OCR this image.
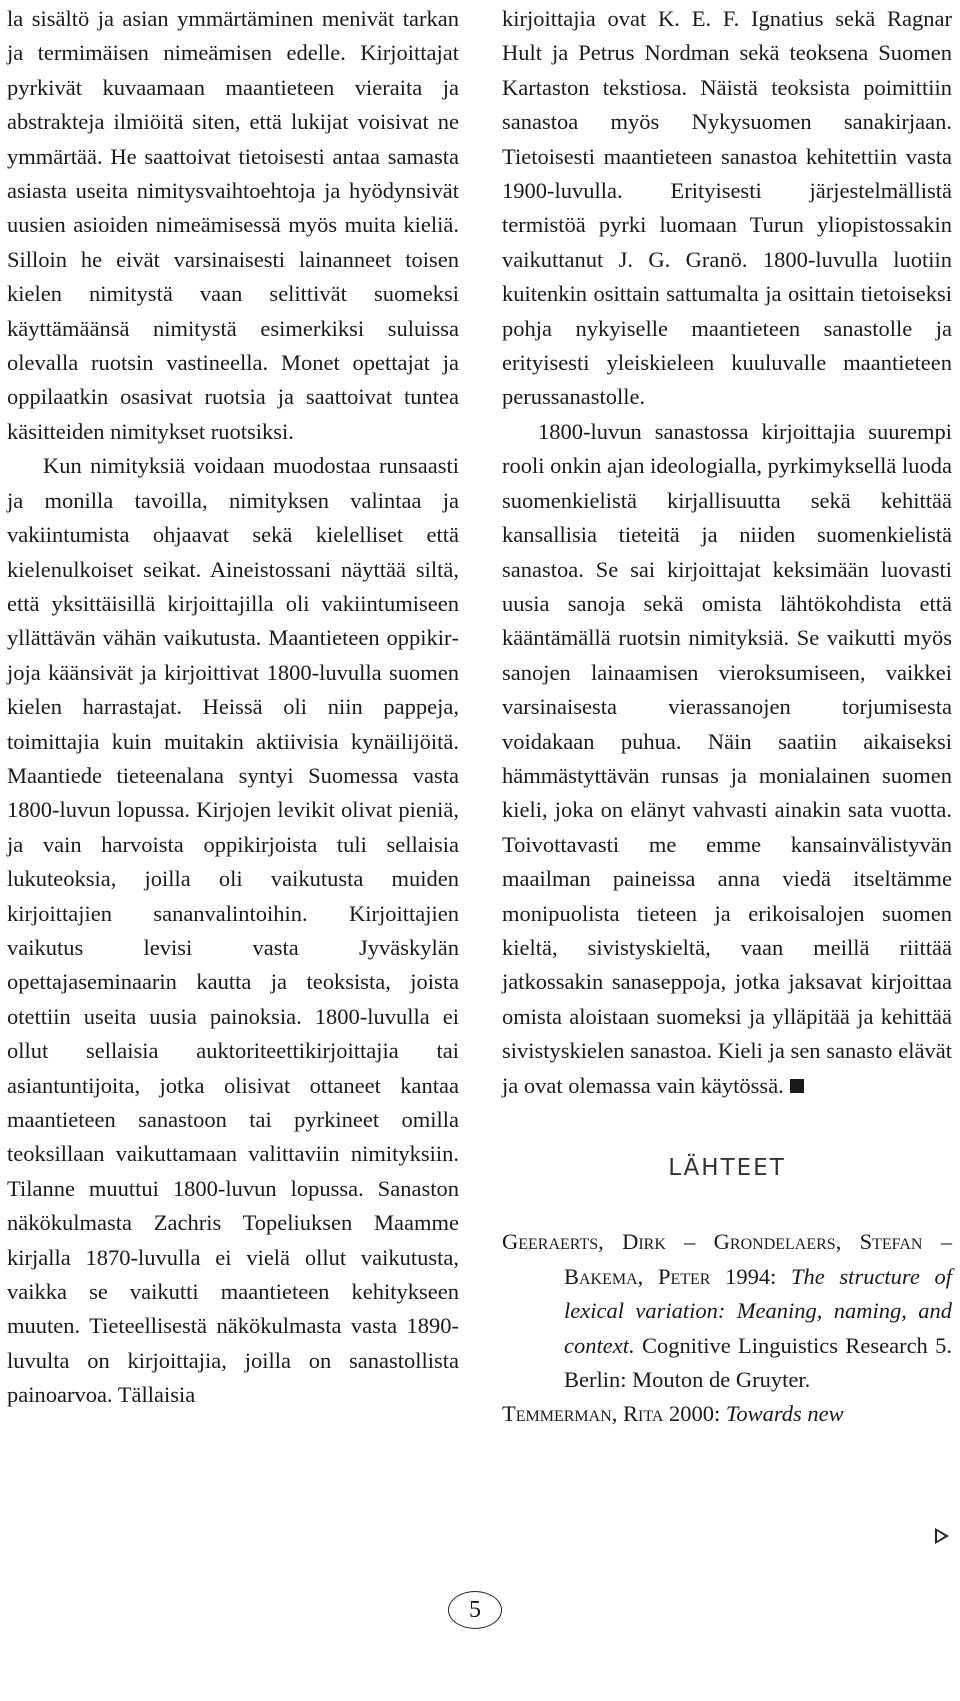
la sisältö ja asian ymmärtäminen menivät tarkan ja termimäisen nimeämisen edelle. Kirjoittajat pyrkivät kuvaamaan maantieteen vieraita ja abstrakteja ilmiöitä siten, että lukijat voisivat ne ymmärtää. He saattoivat tietoisesti antaa samasta asiasta useita nimitysvaihtoehtoja ja hyödynsivät uusien asioiden nimeämisessä myös muita kieliä. Silloin he eivät varsinaisesti lainanneet toisen kielen nimitystä vaan selittivät suomeksi käyttämäänsä nimitystä esimerkiksi suluissa olevalla ruotsin vastineella. Monet opettajat ja oppilaatkin osasivat ruotsia ja saattoivat tuntea käsitteiden nimitykset ruotsiksi.

Kun nimityksiä voidaan muodostaa runsaasti ja monilla tavoilla, nimityksen valintaa ja vakiintumista ohjaavat sekä kielelliset että kielenulkoiset seikat. Aineistossani näyttää siltä, että yksittäisillä kirjoittajilla oli vakiintumiseen yllättävän vähän vaikutusta. Maantieteen oppikirjoja käänsivät ja kirjoittivat 1800-luvulla suomen kielen harrastajat. Heissä oli niin pappeja, toimittajia kuin muitakin aktiivisia kynäilijöitä. Maantiede tieteenalana syntyi Suomessa vasta 1800-luvun lopussa. Kirjojen levikit olivat pieniä, ja vain harvoista oppikirjoista tuli sellaisia lukuteoksia, joilla oli vaikutusta muiden kirjoittajien sananvalintoihin. Kirjoittajien vaikutus levisi vasta Jyväskylän opettajaseminaarin kautta ja teoksista, joista otettiin useita uusia painoksia. 1800-luvulla ei ollut sellaisia auktoriteettikirjoittajia tai asiantuntijoita, jotka olisivat ottaneet kantaa maantieteen sanastoon tai pyrkineet omilla teoksillaan vaikuttamaan valittaviin nimityksiin. Tilanne muuttui 1800-luvun lopussa. Sanaston näkökulmasta Zachris Topeliuksen Maamme kirjalla 1870-luvulla ei vielä ollut vaikutusta, vaikka se vaikutti maantieteen kehitykseen muuten. Tieteellisestä näkökulmasta vasta 1890-luvulta on kirjoittajia, joilla on sanastollista painoarvoa. Tällaisia

kirjoittajia ovat K. E. F. Ignatius sekä Ragnar Hult ja Petrus Nordman sekä teoksena Suomen Kartaston tekstiosa. Näistä teoksista poimittiin sanastoa myös Nykysuomen sanakirjaan. Tietoisesti maantieteen sanastoa kehitettiin vasta 1900-luvulla. Erityisesti järjestelmällistä termistöä pyrki luomaan Turun yliopistossakin vaikuttanut J. G. Granö. 1800-luvulla luotiin kuitenkin osittain sattumalta ja osittain tietoiseksi pohja nykyiselle maantieteen sanastolle ja erityisesti yleiskieleen kuuluvalle maantieteen perussanastolle.

1800-luvun sanastossa kirjoittajia suurempi rooli onkin ajan ideologialla, pyrkimyksellä luoda suomenkielistä kirjallisuutta sekä kehittää kansallisia tieteitä ja niiden suomenkielistä sanastoa. Se sai kirjoittajat keksimään luovasti uusia sanoja sekä omista lähtökohdista että kääntämällä ruotsin nimityksiä. Se vaikutti myös sanojen lainaamisen vieroksumiseen, vaikkei varsinaisesta vierassanojen torjumisesta voidakaan puhua. Näin saatiin aikaiseksi hämmästyttävän runsas ja monialainen suomen kieli, joka on elänyt vahvasti ainakin sata vuotta. Toivottavasti me emme kansainvälistyvän maailman paineissa anna viedä itseltämme monipuolista tieteen ja erikoisalojen suomen kieltä, sivistyskieltä, vaan meillä riittää jatkossakin sanaseppoja, jotka jaksavat kirjoittaa omista aloistaan suomeksi ja ylläpitää ja kehittää sivistyskielen sanastoa. Kieli ja sen sanasto elävät ja ovat olemassa vain käytössä.

LÄHTEET

Geeraerts, Dirk – Grondelaers, Stefan – Bakema, Peter 1994: The structure of lexical variation: Meaning, naming, and context. Cognitive Linguistics Research 5. Berlin: Mouton de Gruyter.

Temmerman, Rita 2000: Towards new

5
